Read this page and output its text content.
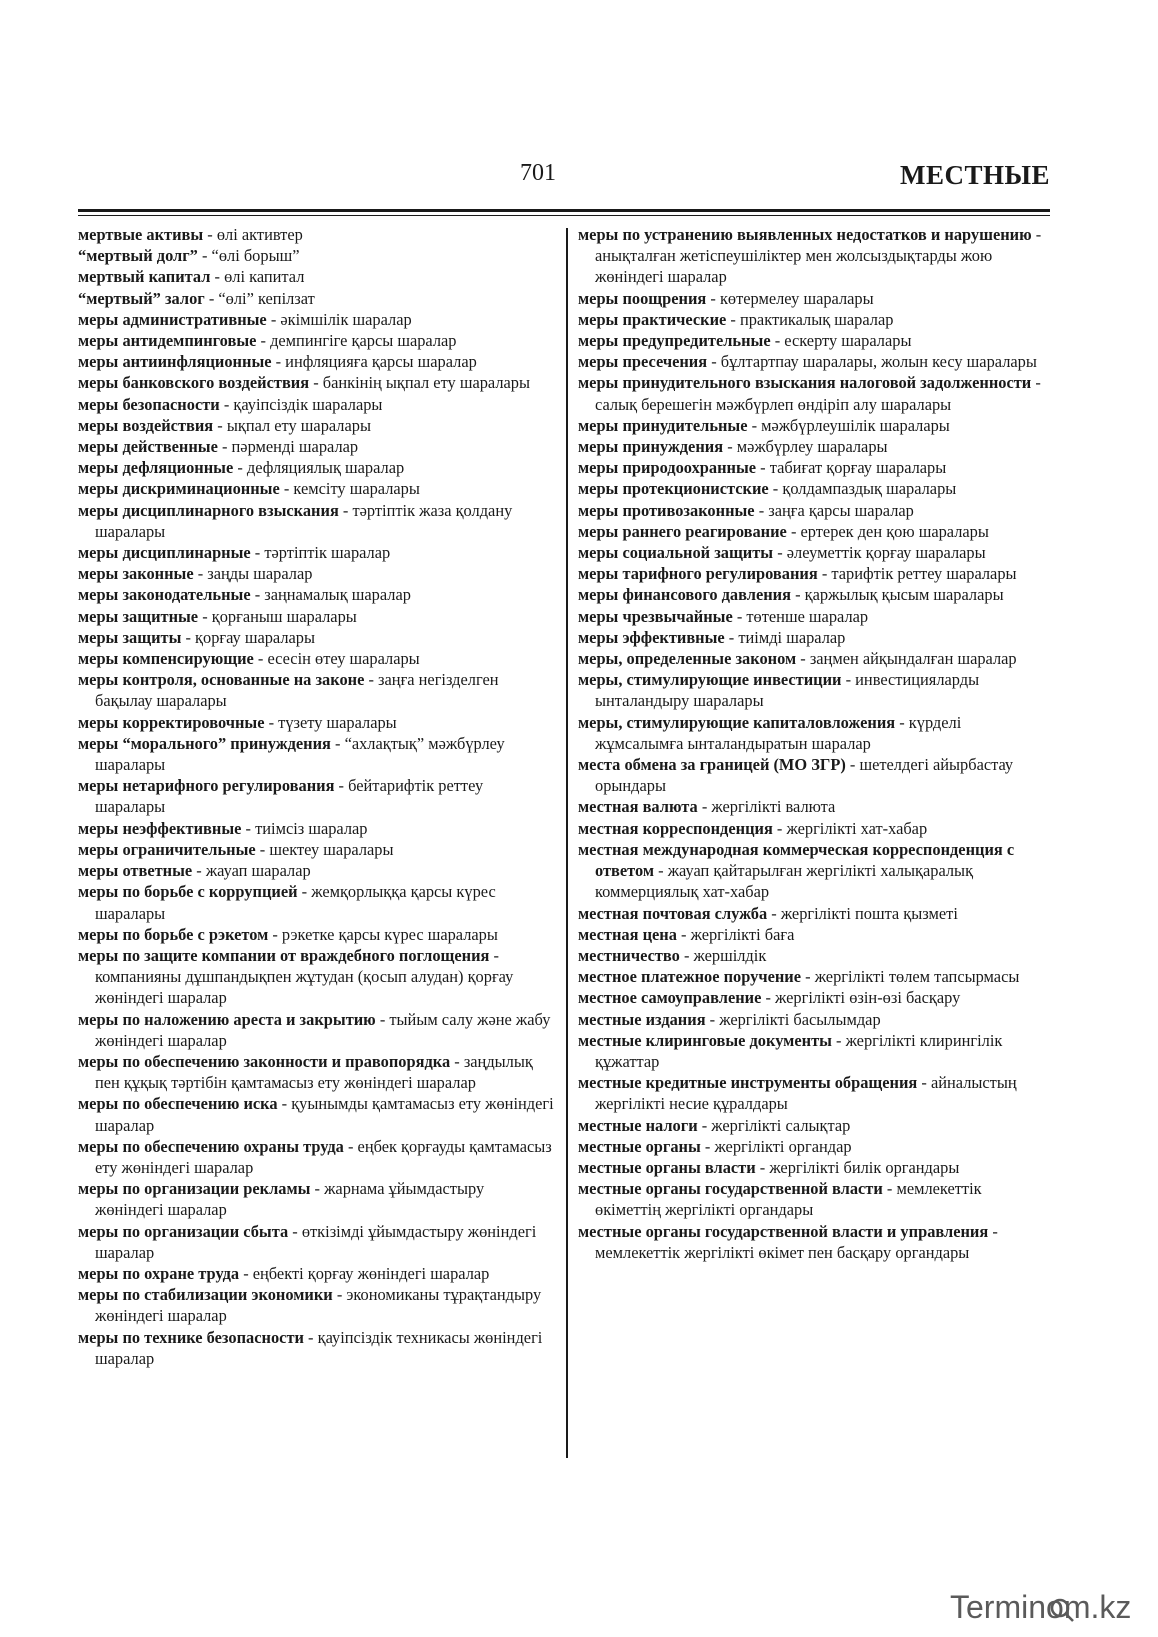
701	МЕСТНЫЕ

мертвые активы - өлі активтер

“мертвый долг” - “өлі борыш”

мертвый капитал - өлі капитал

“мертвый” залог - “өлі” кепілзат

меры административные - әкімшілік шаралар

меры антидемпинговые - демпингіге қарсы шаралар

меры антиинфляционные - инфляцияға қарсы шаралар

меры банковского воздействия - банкінің ықпал ету шаралары

меры безопасности - қауіпсіздік шаралары

меры воздействия - ықпал ету шаралары

меры действенные - пәрменді шаралар

меры дефляционные - дефляциялық шаралар

меры дискриминационные - кемсіту шаралары

меры дисциплинарного взыскания - тәртіптік жаза қолдану шаралары

меры дисциплинарные - тәртіптік шаралар

меры законные - заңды шаралар

меры законодательные - заңнамалық шаралар

меры защитные - қорғаныш шаралары

меры защиты - қорғау шаралары

меры компенсирующие - есесін өтеу шаралары

меры контроля, основанные на законе - заңға негізделген бақылау шаралары

меры корректировочные - түзету шаралары

меры “морального” принуждения - “ахлақтық” мәжбүрлеу шаралары

меры нетарифного регулирования - бейтарифтік реттеу шаралары

меры неэффективные - тиімсіз шаралар

меры ограничительные - шектеу шаралары

меры ответные - жауап шаралар

меры по борьбе с коррупцией - жемқорлыққа қарсы күрес шаралары

меры по борьбе с рэкетом - рэкетке қарсы күрес шаралары

меры по защите компании от враждебного поглощения - компанияны дұшпандықпен жұтудан (қосып алудан) қорғау жөніндегі шаралар

меры по наложению ареста и закрытию - тыйым салу және жабу жөніндегі шаралар

меры по обеспечению законности и правопорядка - заңдылық пен құқық тәртібін қамтамасыз ету жөніндегі шаралар

меры по обеспечению иска - қуынымды қамтамасыз ету жөніндегі шаралар

меры по обеспечению охраны труда - еңбек қорғауды қамтамасыз ету жөніндегі шаралар

меры по организации рекламы - жарнама ұйымдастыру жөніндегі шаралар

меры по организации сбыта - өткізімді ұйымдастыру жөніндегі шаралар

меры по охране труда - еңбекті қорғау жөніндегі шаралар

меры по стабилизации экономики - экономиканы тұрақтандыру жөніндегі шаралар

меры по технике безопасности - қауіпсіздік техникасы жөніндегі шаралар

меры по устранению выявленных недостатков и нарушению - анықталған жетіспеушіліктер мен жолсыздықтарды жою жөніндегі шаралар

меры поощрения - көтермелеу шаралары

меры практические - практикалық шаралар

меры предупредительные - ескерту шаралары

меры пресечения - бұлтартпау шаралары, жолын кесу шаралары

меры принудительного взыскания налоговой задолженности - салық берешегін мәжбүрлеп өндіріп алу шаралары

меры принудительные - мәжбүрлеушілік шаралары

меры принуждения - мәжбүрлеу шаралары

меры природоохранные - табиғат қорғау шаралары

меры протекционистские - қолдампаздық шаралары

меры противозаконные - заңға қарсы шаралар

меры раннего реагирование - ертерек ден қою шаралары

меры социальной защиты - әлеуметтік қорғау шаралары

меры тарифного регулирования - тарифтік реттеу шаралары

меры финансового давления - қаржылық қысым шаралары

меры чрезвычайные - төтенше шаралар

меры эффективные - тиімді шаралар

меры, определенные законом - заңмен айқындалған шаралар

меры, стимулирующие инвестиции - инвестицияларды ынталандыру шаралары

меры, стимулирующие капиталовложения - күрделі жұмсалымға ынталандыратын шаралар

места обмена за границей (МО ЗГР) - шетелдегі айырбастау орындары

местная валюта - жергілікті валюта

местная корреспонденция - жергілікті хат-хабар

местная международная коммерческая корреспонденция с ответом - жауап қайтарылған жергілікті халықаралық коммерциялық хат-хабар

местная почтовая служба - жергілікті пошта қызметі

местная цена - жергілікті баға

местничество - жершілдік

местное платежное поручение - жергілікті төлем тапсырмасы

местное самоуправление - жергілікті өзін-өзі басқару

местные издания - жергілікті басылымдар

местные клиринговые документы - жергілікті клирингілік құжаттар

местные кредитные инструменты обращения - айналыстың жергілікті несие құралдары

местные налоги - жергілікті салықтар

местные органы - жергілікті органдар

местные органы власти - жергілікті билік органдары

местные органы государственной власти - мемлекеттік өкіметтің жергілікті органдары

местные органы государственной власти и управления - мемлекеттік жергілікті өкімет пен басқару органдары

Terminom.kz
